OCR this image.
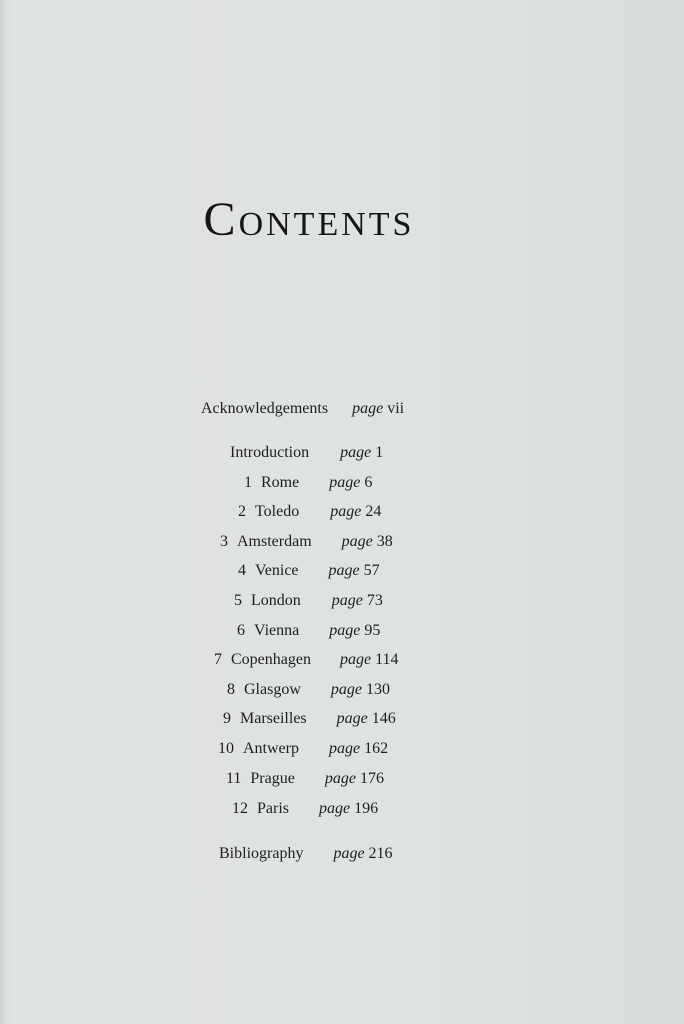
Contents
Acknowledgements page vii
Introduction page 1
1 Rome page 6
2 Toledo page 24
3 Amsterdam page 38
4 Venice page 57
5 London page 73
6 Vienna page 95
7 Copenhagen page 114
8 Glasgow page 130
9 Marseilles page 146
10 Antwerp page 162
11 Prague page 176
12 Paris page 196
Bibliography page 216
